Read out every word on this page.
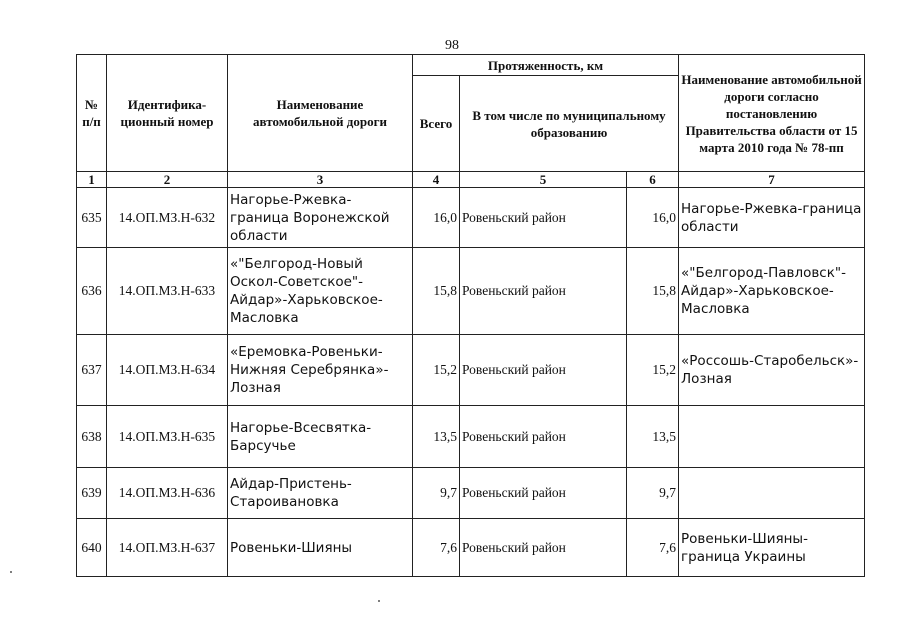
98
№ п/п	Идентифика-ционный номер	Наименование автомобильной дороги	Протяженность, км			Наименование автомобильной дороги согласно постановлению Правительства области от 15 марта 2010 года № 78-пп
			Всего	В том числе по муниципальному образованию		
1	2	3	4	5	6	7
635	14.ОП.МЗ.Н-632	Нагорье-Ржевка-граница Воронежской области	16,0	Ровеньский район	16,0	Нагорье-Ржевка-граница области
636	14.ОП.МЗ.Н-633	«"Белгород-Новый Оскол-Советское"-Айдар»-Харьковское-Масловка	15,8	Ровеньский район	15,8	«"Белгород-Павловск"-Айдар»-Харьковское-Масловка
637	14.ОП.МЗ.Н-634	«Еремовка-Ровеньки-Нижняя Серебрянка»-Лозная	15,2	Ровеньский район	15,2	«Россошь-Старобельск»-Лозная
638	14.ОП.МЗ.Н-635	Нагорье-Всесвятка-Барсучье	13,5	Ровеньский район	13,5	
639	14.ОП.МЗ.Н-636	Айдар-Пристень-Староивановка	9,7	Ровеньский район	9,7	
640	14.ОП.МЗ.Н-637	Ровеньки-Шияны	7,6	Ровеньский район	7,6	Ровеньки-Шияны-граница Украины
